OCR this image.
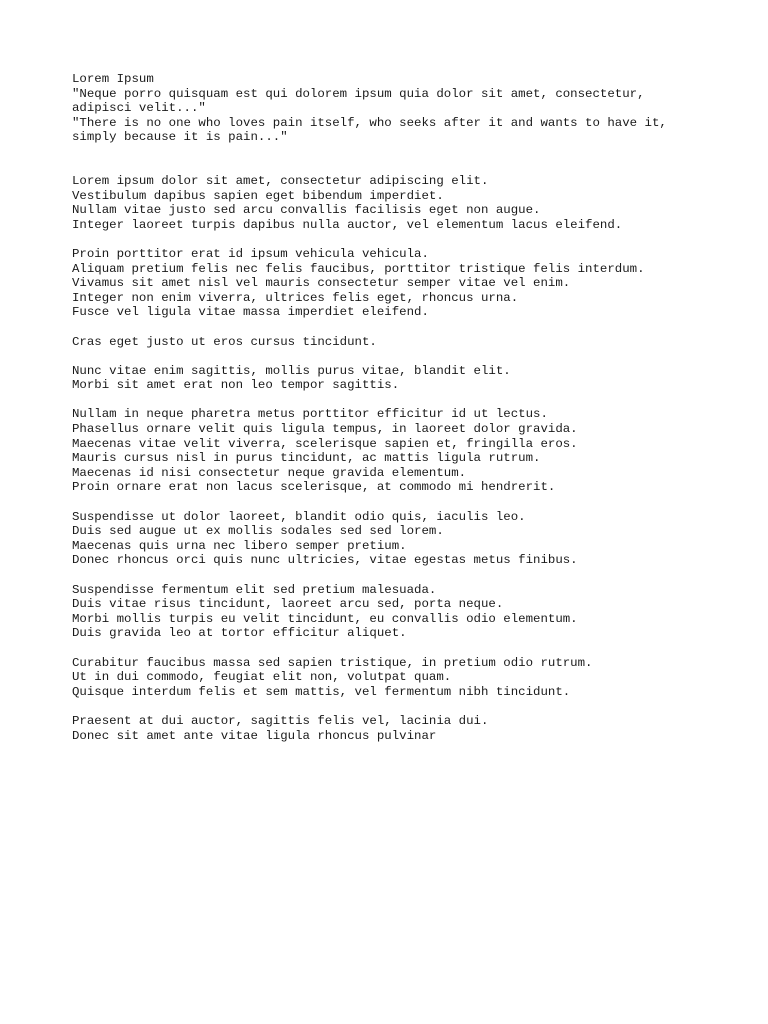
Lorem Ipsum
"Neque porro quisquam est qui dolorem ipsum quia dolor sit amet, consectetur,
adipisci velit..."
"There is no one who loves pain itself, who seeks after it and wants to have it,
simply because it is pain..."
Lorem ipsum dolor sit amet, consectetur adipiscing elit.
Vestibulum dapibus sapien eget bibendum imperdiet.
Nullam vitae justo sed arcu convallis facilisis eget non augue.
Integer laoreet turpis dapibus nulla auctor, vel elementum lacus eleifend.
Proin porttitor erat id ipsum vehicula vehicula.
Aliquam pretium felis nec felis faucibus, porttitor tristique felis interdum.
Vivamus sit amet nisl vel mauris consectetur semper vitae vel enim.
Integer non enim viverra, ultrices felis eget, rhoncus urna.
Fusce vel ligula vitae massa imperdiet eleifend.
Cras eget justo ut eros cursus tincidunt.
Nunc vitae enim sagittis, mollis purus vitae, blandit elit.
Morbi sit amet erat non leo tempor sagittis.
Nullam in neque pharetra metus porttitor efficitur id ut lectus.
Phasellus ornare velit quis ligula tempus, in laoreet dolor gravida.
Maecenas vitae velit viverra, scelerisque sapien et, fringilla eros.
Mauris cursus nisl in purus tincidunt, ac mattis ligula rutrum.
Maecenas id nisi consectetur neque gravida elementum.
Proin ornare erat non lacus scelerisque, at commodo mi hendrerit.
Suspendisse ut dolor laoreet, blandit odio quis, iaculis leo.
Duis sed augue ut ex mollis sodales sed sed lorem.
Maecenas quis urna nec libero semper pretium.
Donec rhoncus orci quis nunc ultricies, vitae egestas metus finibus.
Suspendisse fermentum elit sed pretium malesuada.
Duis vitae risus tincidunt, laoreet arcu sed, porta neque.
Morbi mollis turpis eu velit tincidunt, eu convallis odio elementum.
Duis gravida leo at tortor efficitur aliquet.
Curabitur faucibus massa sed sapien tristique, in pretium odio rutrum.
Ut in dui commodo, feugiat elit non, volutpat quam.
Quisque interdum felis et sem mattis, vel fermentum nibh tincidunt.
Praesent at dui auctor, sagittis felis vel, lacinia dui.
Donec sit amet ante vitae ligula rhoncus pulvinar
